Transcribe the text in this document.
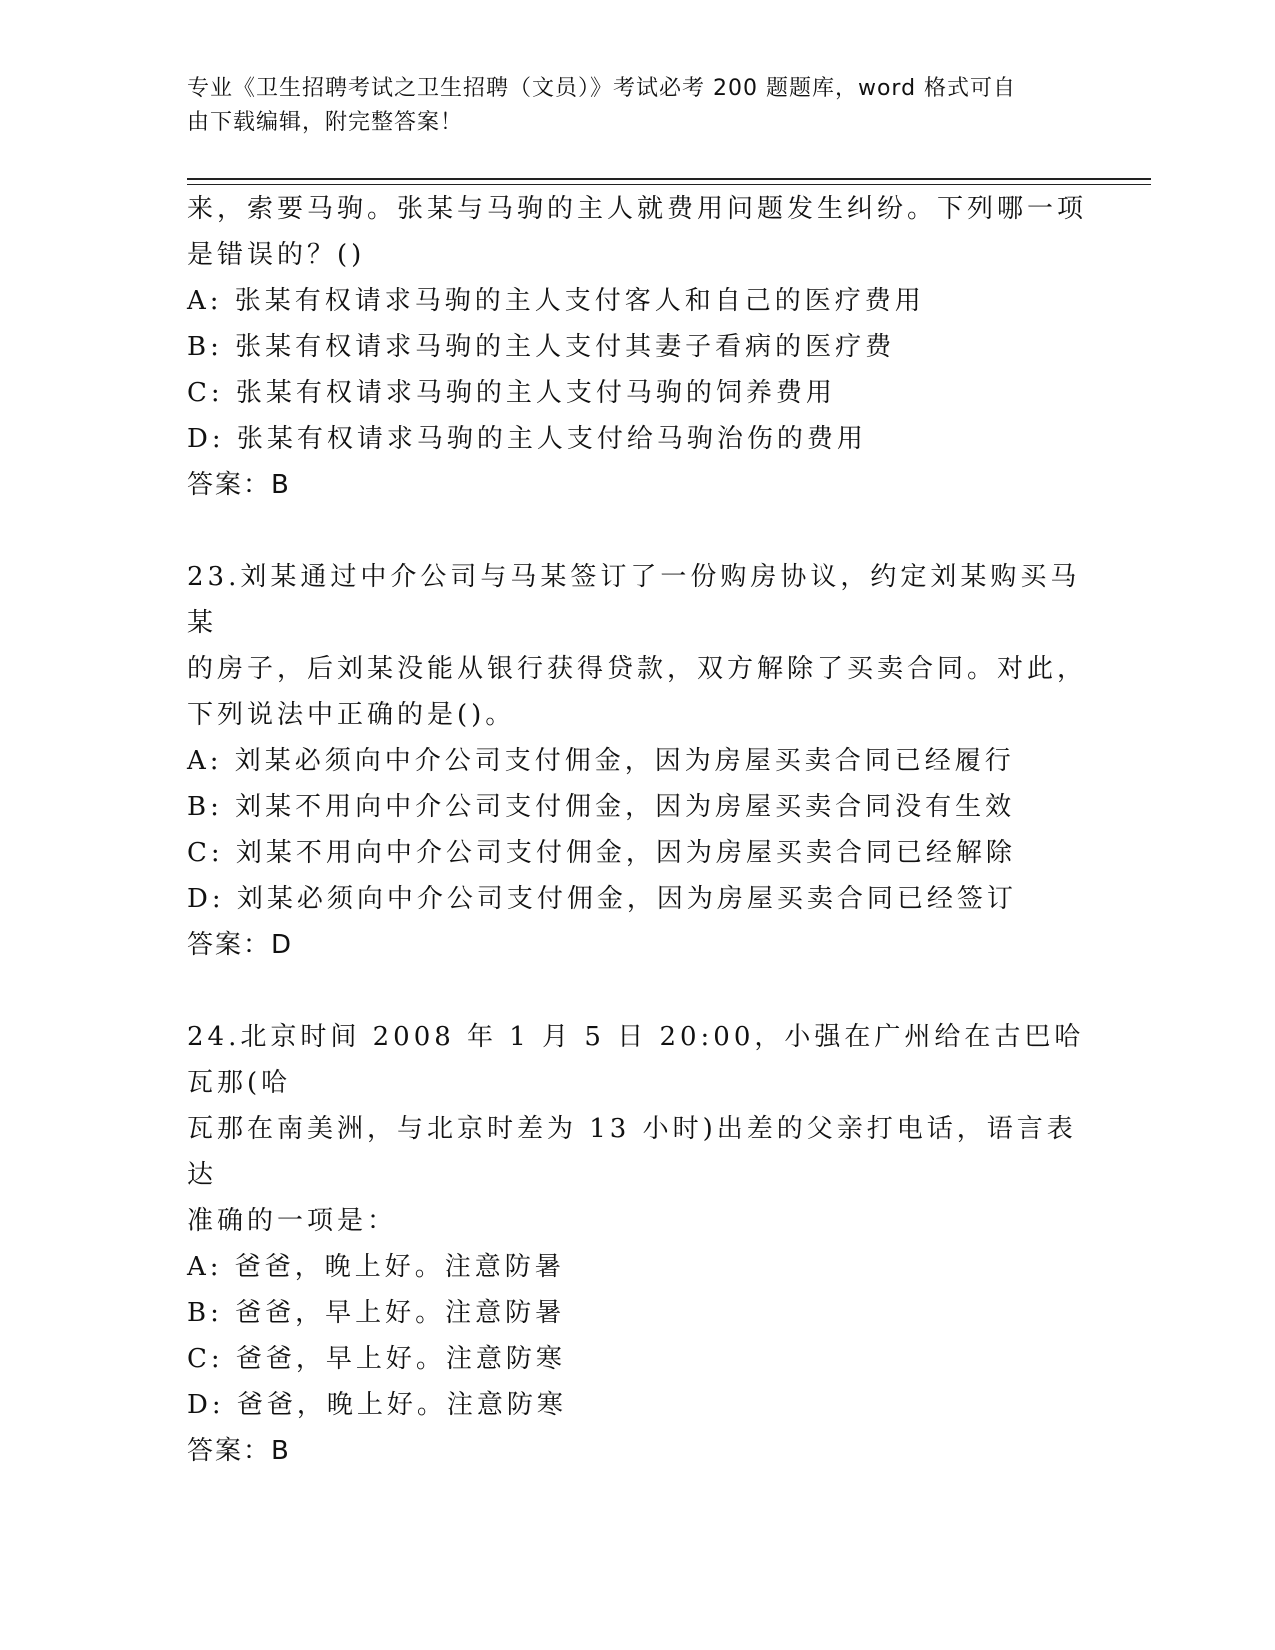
专业《卫生招聘考试之卫生招聘（文员）》考试必考 200 题题库，word 格式可自
由下载编辑，附完整答案！

来，索要马驹。张某与马驹的主人就费用问题发生纠纷。下列哪一项

是错误的？()

A: 张某有权请求马驹的主人支付客人和自己的医疗费用

B: 张某有权请求马驹的主人支付其妻子看病的医疗费

C: 张某有权请求马驹的主人支付马驹的饲养费用

D: 张某有权请求马驹的主人支付给马驹治伤的费用

答案：B

23.刘某通过中介公司与马某签订了一份购房协议，约定刘某购买马某

的房子，后刘某没能从银行获得贷款，双方解除了买卖合同。对此，

下列说法中正确的是()。

A: 刘某必须向中介公司支付佣金，因为房屋买卖合同已经履行

B: 刘某不用向中介公司支付佣金，因为房屋买卖合同没有生效

C: 刘某不用向中介公司支付佣金，因为房屋买卖合同已经解除

D: 刘某必须向中介公司支付佣金，因为房屋买卖合同已经签订

答案：D

24.北京时间 2008 年 1 月 5 日 20:00，小强在广州给在古巴哈瓦那(哈

瓦那在南美洲，与北京时差为 13 小时)出差的父亲打电话，语言表达

准确的一项是：

A: 爸爸，晚上好。注意防暑

B: 爸爸，早上好。注意防暑

C: 爸爸，早上好。注意防寒

D: 爸爸，晚上好。注意防寒

答案：B
